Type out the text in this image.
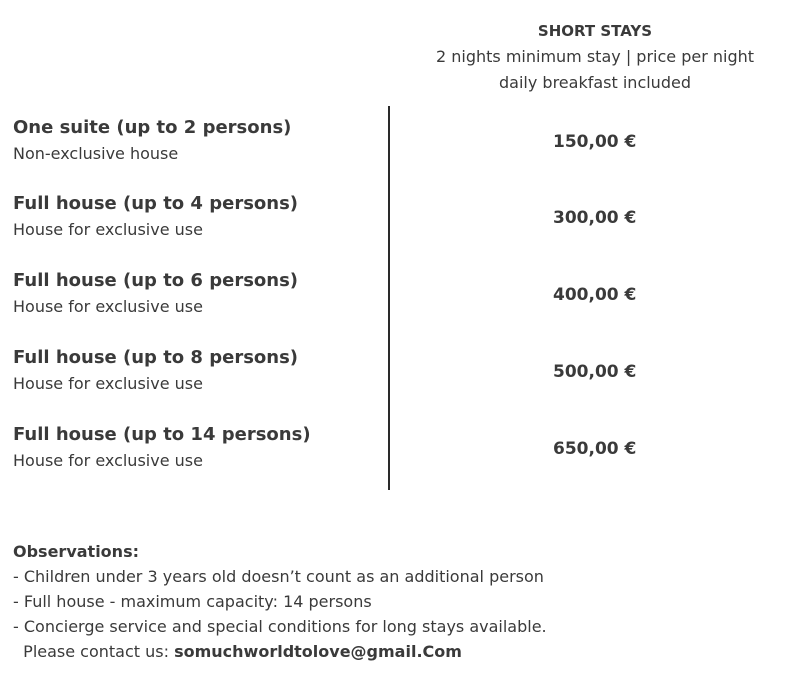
SHORT STAYS
2 nights minimum stay | price per night
daily breakfast included
One suite (up to 2 persons)
Non-exclusive house
150,00 €
Full house (up to 4 persons)
House for exclusive use
300,00 €
Full house (up to 6 persons)
House for exclusive use
400,00 €
Full house (up to 8 persons)
House for exclusive use
500,00 €
Full house (up to 14 persons)
House for exclusive use
650,00 €
Observations:
- Children under 3 years old doesn’t count as an additional person
- Full house - maximum capacity: 14 persons
- Concierge service and special conditions for long stays available.
Please contact us: somuchworldtolove@gmail.Com
